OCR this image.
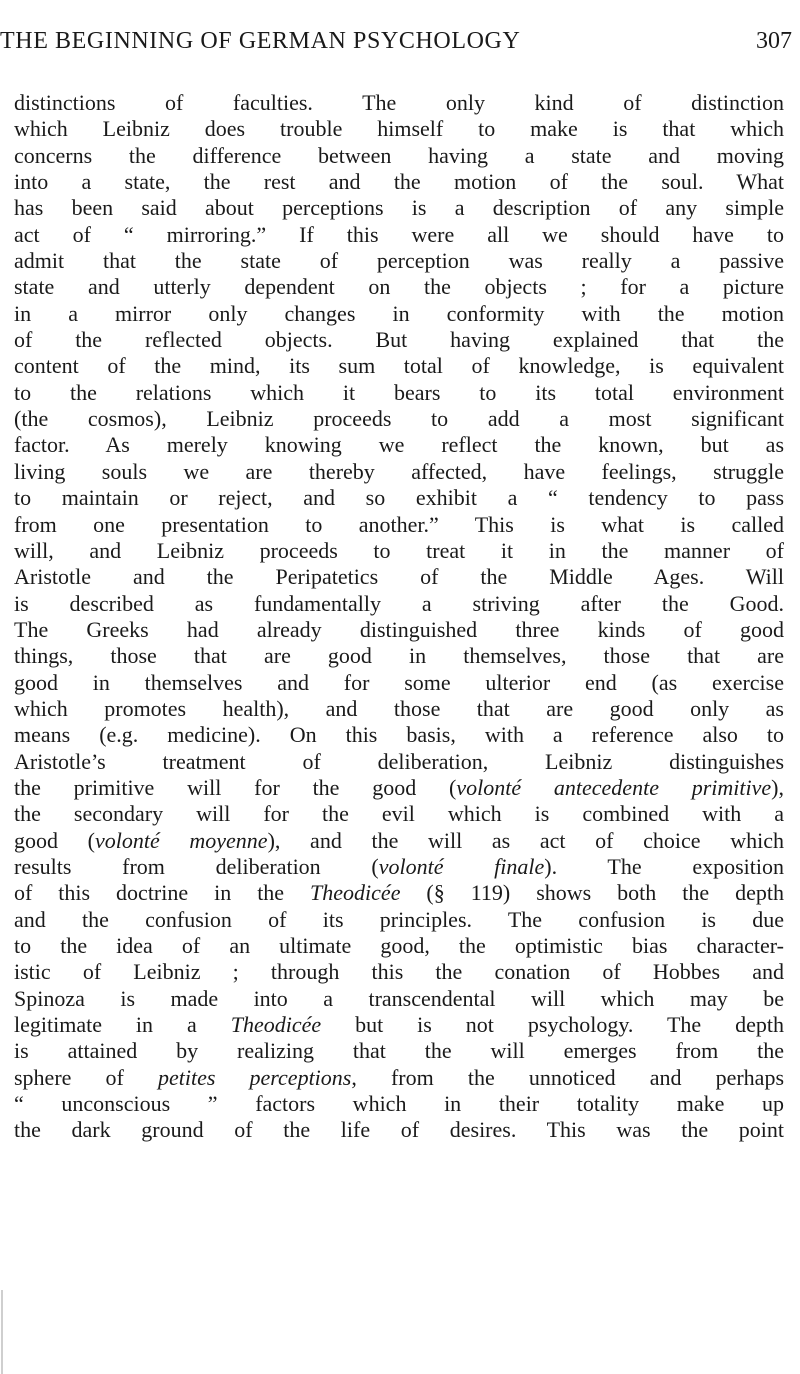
THE BEGINNING OF GERMAN PSYCHOLOGY	307
distinctions of faculties. The only kind of distinction
which Leibniz does trouble himself to make is that which
concerns the difference between having a state and moving
into a state, the rest and the motion of the soul. What
has been said about perceptions is a description of any simple
act of “ mirroring.” If this were all we should have to
admit that the state of perception was really a passive
state and utterly dependent on the objects ; for a picture
in a mirror only changes in conformity with the motion
of the reflected objects. But having explained that the
content of the mind, its sum total of knowledge, is equivalent
to the relations which it bears to its total environment
(the cosmos), Leibniz proceeds to add a most significant
factor. As merely knowing we reflect the known, but as
living souls we are thereby affected, have feelings, struggle
to maintain or reject, and so exhibit a “ tendency to pass
from one presentation to another.” This is what is called
will, and Leibniz proceeds to treat it in the manner of
Aristotle and the Peripatetics of the Middle Ages. Will
is described as fundamentally a striving after the Good.
The Greeks had already distinguished three kinds of good
things, those that are good in themselves, those that are
good in themselves and for some ulterior end (as exercise
which promotes health), and those that are good only as
means (e.g. medicine). On this basis, with a reference also to
Aristotle’s treatment of deliberation, Leibniz distinguishes
the primitive will for the good (volonté antecedente primitive),
the secondary will for the evil which is combined with a
good (volonté moyenne), and the will as act of choice which
results from deliberation (volonté finale). The exposition
of this doctrine in the Theodicée (§ 119) shows both the depth
and the confusion of its principles. The confusion is due
to the idea of an ultimate good, the optimistic bias character-
istic of Leibniz ; through this the conation of Hobbes and
Spinoza is made into a transcendental will which may be
legitimate in a Theodicée but is not psychology. The depth
is attained by realizing that the will emerges from the
sphere of petites perceptions, from the unnoticed and perhaps
“ unconscious ” factors which in their totality make up
the dark ground of the life of desires. This was the point
